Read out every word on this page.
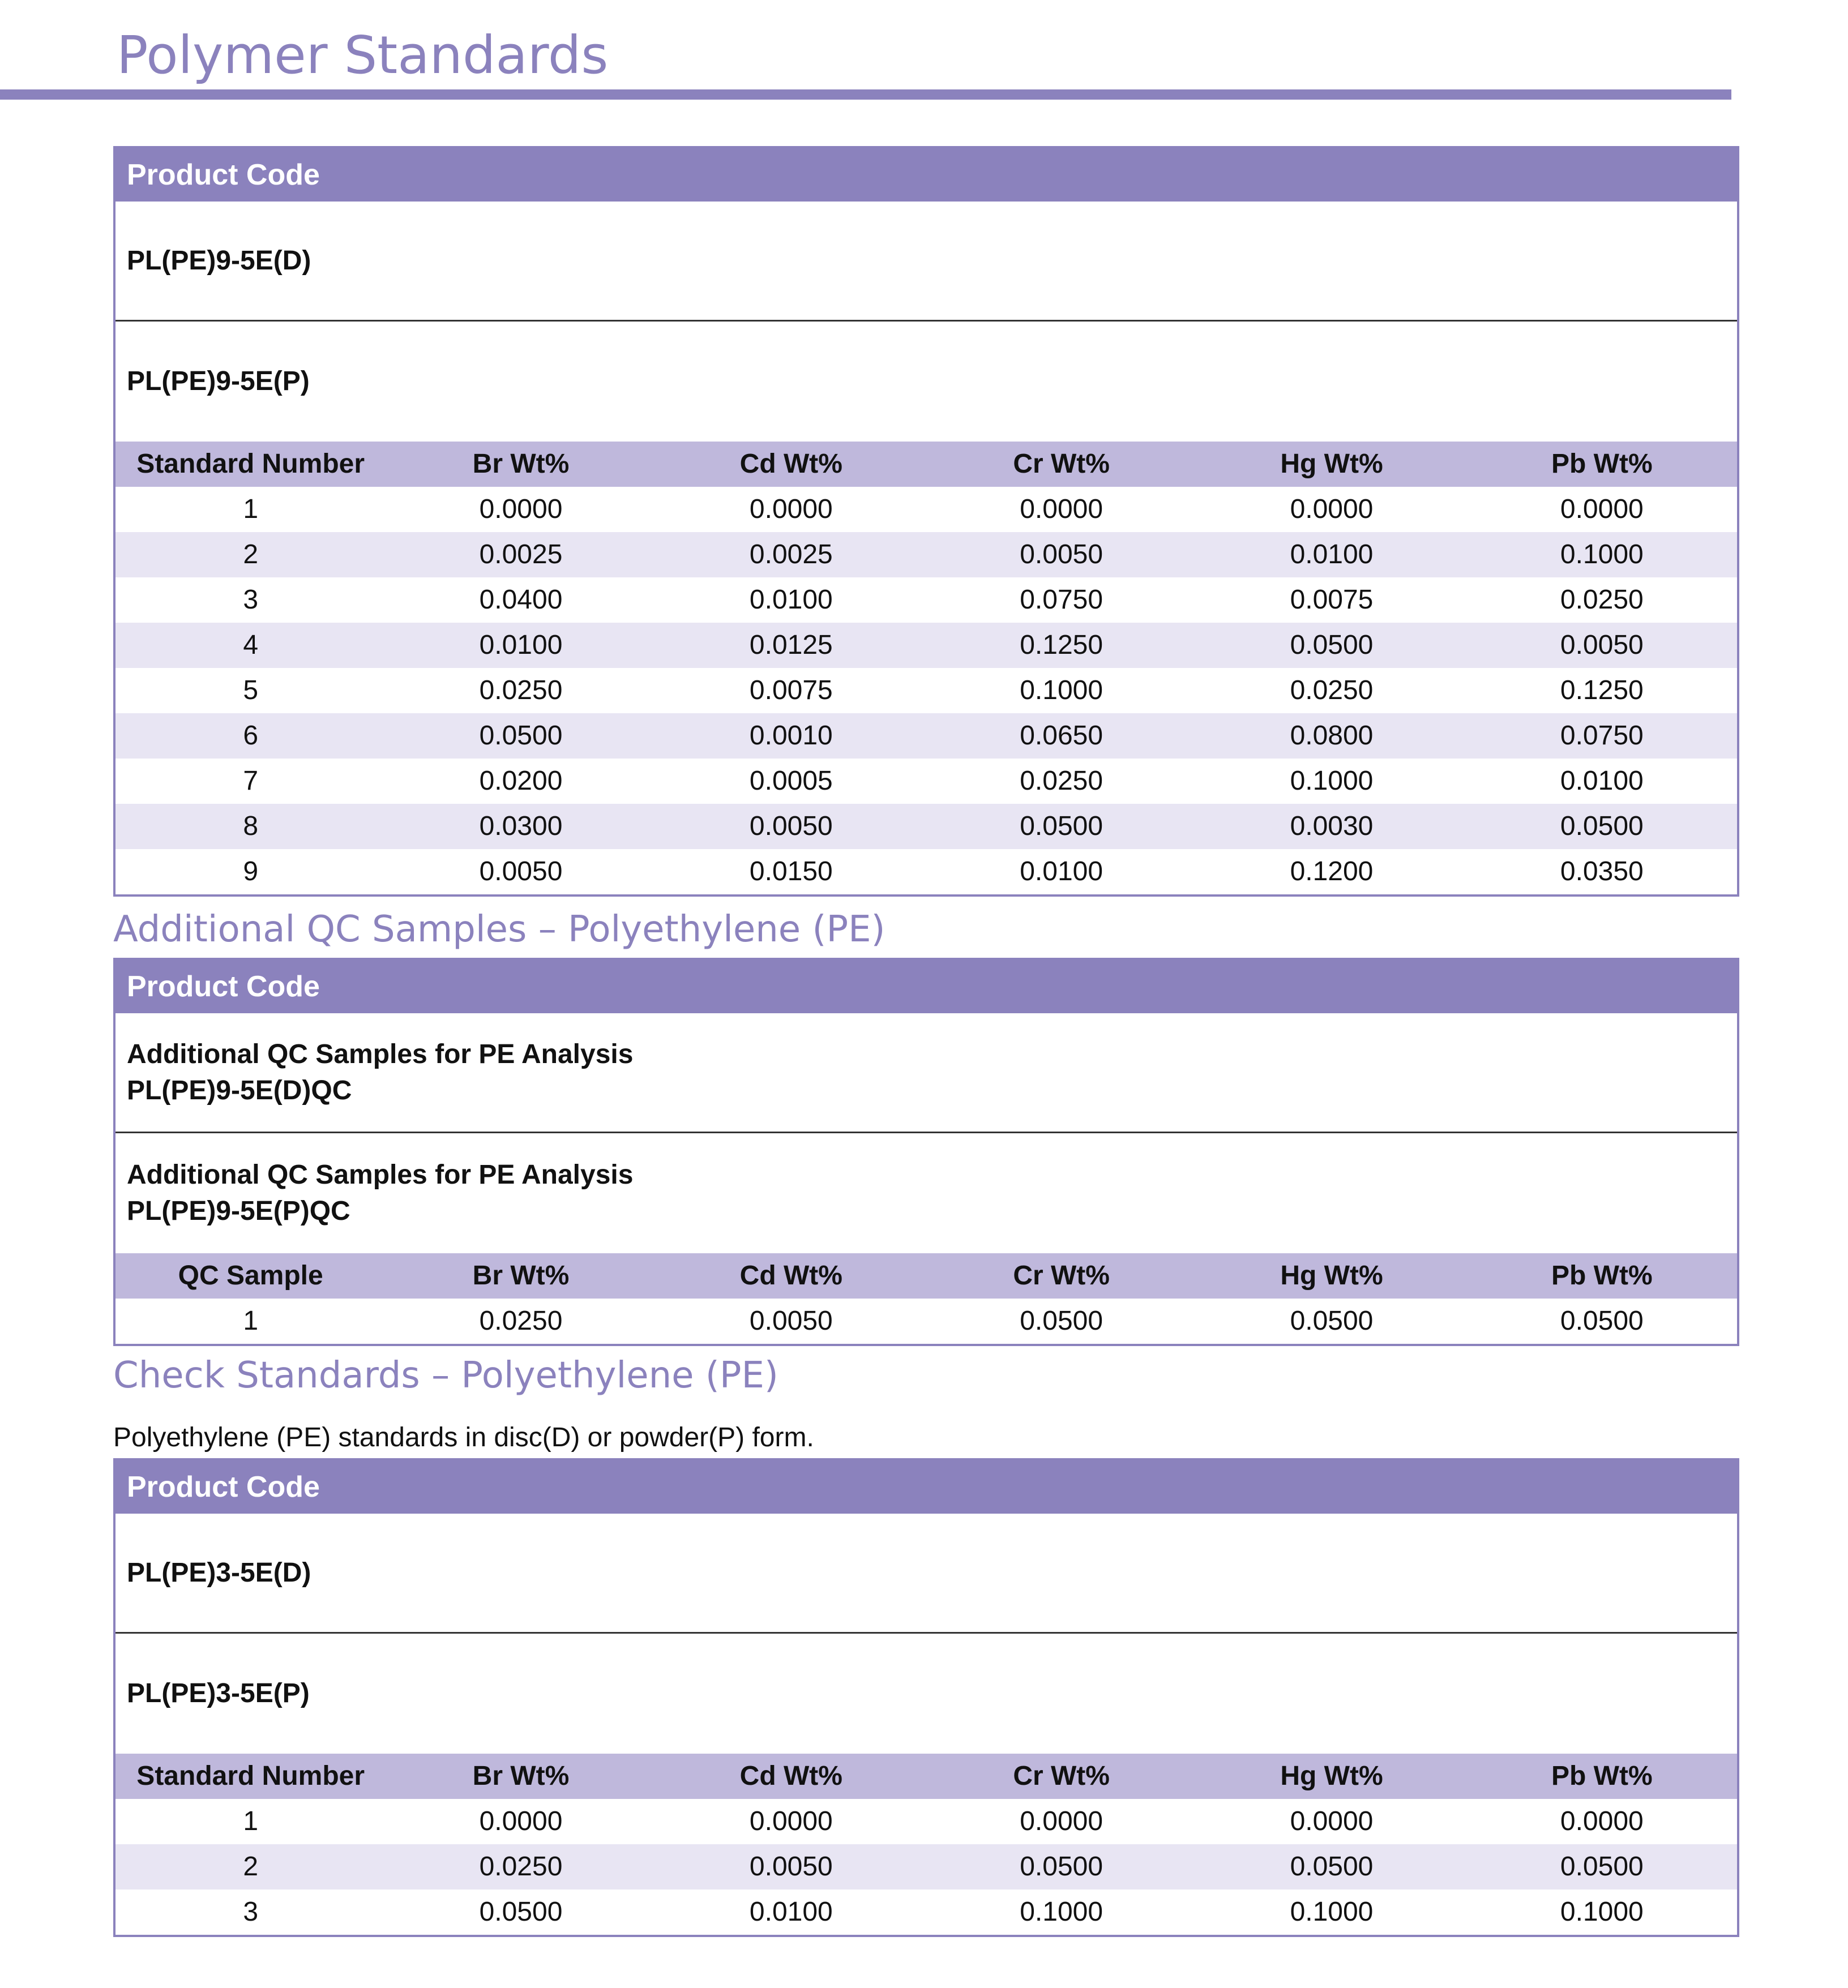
Polymer Standards
Product Code
PL(PE)9-5E(D)
PL(PE)9-5E(P)
Standard Number	Br Wt%	Cd Wt%	Cr Wt%	Hg Wt%	Pb Wt%
1	0.0000	0.0000	0.0000	0.0000	0.0000
2	0.0025	0.0025	0.0050	0.0100	0.1000
3	0.0400	0.0100	0.0750	0.0075	0.0250
4	0.0100	0.0125	0.1250	0.0500	0.0050
5	0.0250	0.0075	0.1000	0.0250	0.1250
6	0.0500	0.0010	0.0650	0.0800	0.0750
7	0.0200	0.0005	0.0250	0.1000	0.0100
8	0.0300	0.0050	0.0500	0.0030	0.0500
9	0.0050	0.0150	0.0100	0.1200	0.0350
Additional QC Samples – Polyethylene (PE)
Product Code
Additional QC Samples for PE Analysis
PL(PE)9-5E(D)QC
Additional QC Samples for PE Analysis
PL(PE)9-5E(P)QC
QC Sample	Br Wt%	Cd Wt%	Cr Wt%	Hg Wt%	Pb Wt%
1	0.0250	0.0050	0.0500	0.0500	0.0500
Check Standards – Polyethylene (PE)

Polyethylene (PE) standards in disc(D) or powder(P) form.

Product Code
PL(PE)3-5E(D)
PL(PE)3-5E(P)
Standard Number	Br Wt%	Cd Wt%	Cr Wt%	Hg Wt%	Pb Wt%
1	0.0000	0.0000	0.0000	0.0000	0.0000
2	0.0250	0.0050	0.0500	0.0500	0.0500
3	0.0500	0.0100	0.1000	0.1000	0.1000
